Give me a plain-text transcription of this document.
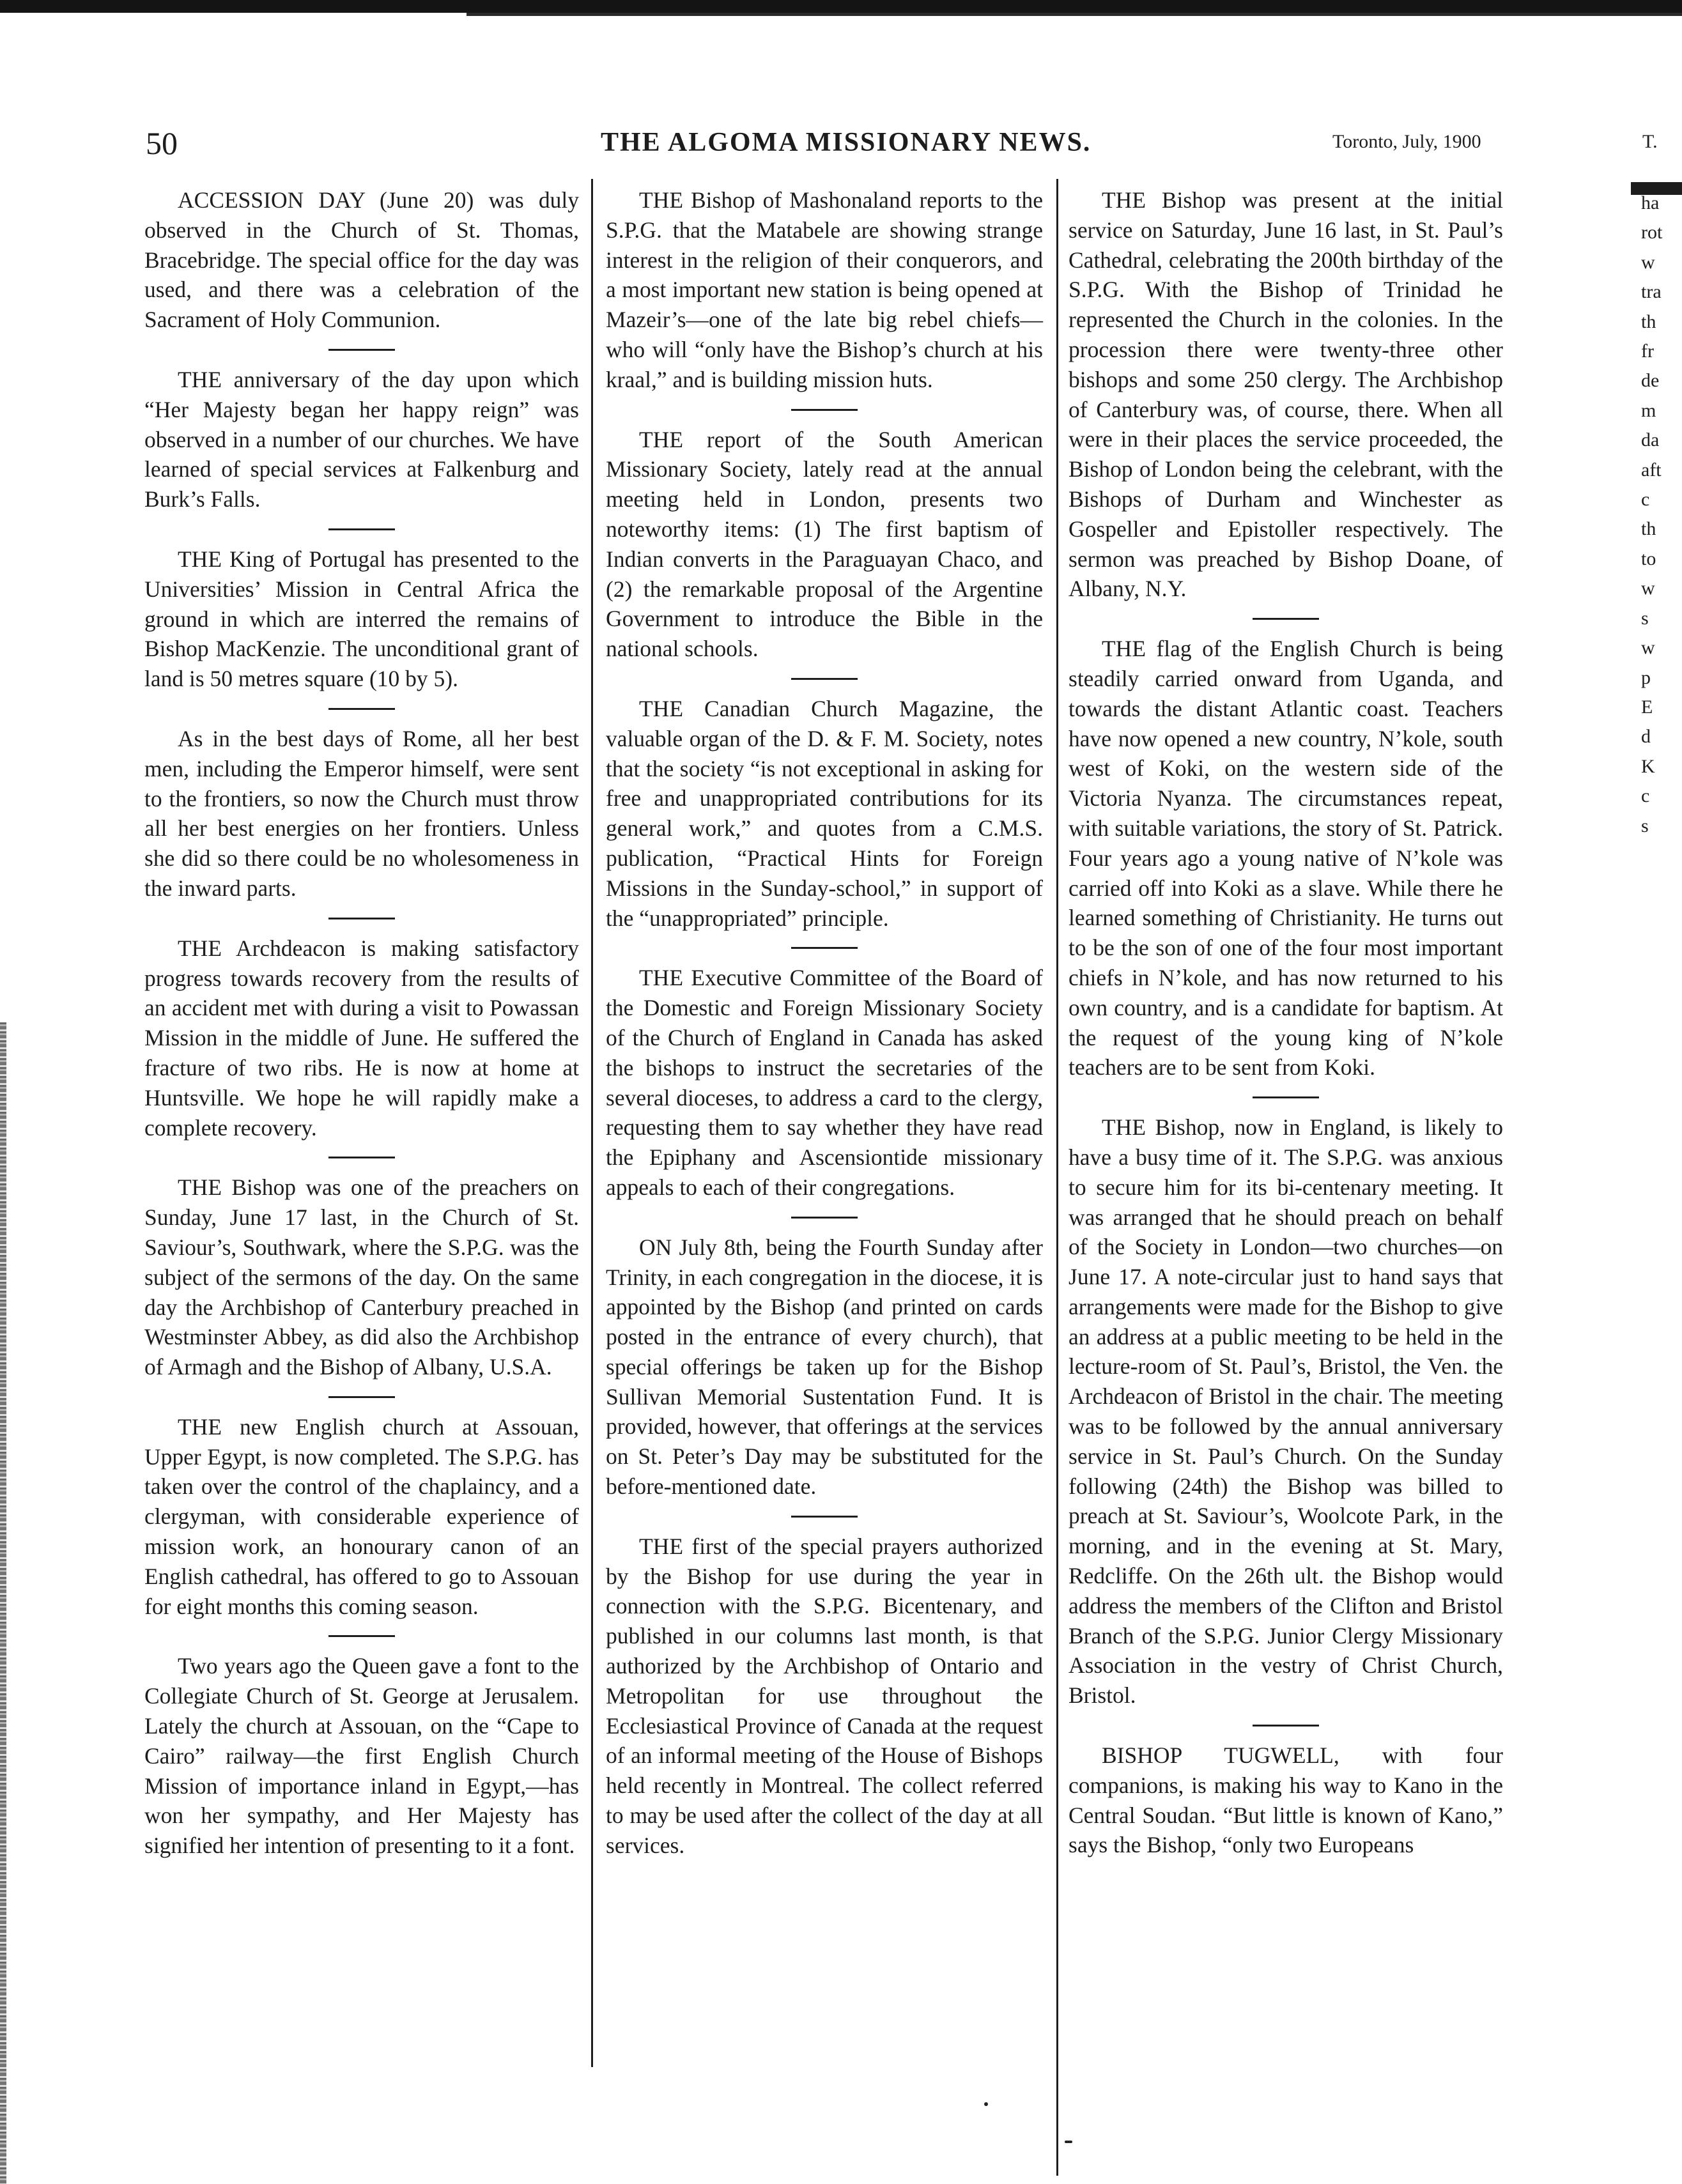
50	THE ALGOMA MISSIONARY NEWS.	Toronto, July, 1900	T.

ACCESSION DAY (June 20) was duly observed in the Church of St. Thomas, Bracebridge. The special office for the day was used, and there was a celebration of the Sacrament of Holy Communion.

THE anniversary of the day upon which “Her Majesty began her happy reign” was observed in a number of our churches. We have learned of special services at Falkenburg and Burk’s Falls.

THE King of Portugal has presented to the Universities’ Mission in Central Africa the ground in which are interred the remains of Bishop MacKenzie. The unconditional grant of land is 50 metres square (10 by 5).

As in the best days of Rome, all her best men, including the Emperor himself, were sent to the frontiers, so now the Church must throw all her best energies on her frontiers. Unless she did so there could be no wholesomeness in the inward parts.

THE Archdeacon is making satisfactory progress towards recovery from the results of an accident met with during a visit to Powassan Mission in the middle of June. He suffered the fracture of two ribs. He is now at home at Huntsville. We hope he will rapidly make a complete recovery.

THE Bishop was one of the preachers on Sunday, June 17 last, in the Church of St. Saviour’s, Southwark, where the S.P.G. was the subject of the sermons of the day. On the same day the Archbishop of Canterbury preached in Westminster Abbey, as did also the Archbishop of Armagh and the Bishop of Albany, U.S.A.

THE new English church at Assouan, Upper Egypt, is now completed. The S.P.G. has taken over the control of the chaplaincy, and a clergyman, with considerable experience of mission work, an honourary canon of an English cathedral, has offered to go to Assouan for eight months this coming season.

Two years ago the Queen gave a font to the Collegiate Church of St. George at Jerusalem. Lately the church at Assouan, on the “Cape to Cairo” railway—the first English Church Mission of importance inland in Egypt,—has won her sympathy, and Her Majesty has signified her intention of presenting to it a font.

THE Bishop of Mashonaland reports to the S.P.G. that the Matabele are showing strange interest in the religion of their conquerors, and a most important new station is being opened at Mazeir’s—one of the late big rebel chiefs—who will “only have the Bishop’s church at his kraal,” and is building mission huts.

THE report of the South American Missionary Society, lately read at the annual meeting held in London, presents two noteworthy items: (1) The first baptism of Indian converts in the Paraguayan Chaco, and (2) the remarkable proposal of the Argentine Government to introduce the Bible in the national schools.

THE Canadian Church Magazine, the valuable organ of the D. & F. M. Society, notes that the society “is not exceptional in asking for free and unappropriated contributions for its general work,” and quotes from a C.M.S. publication, “Practical Hints for Foreign Missions in the Sunday-school,” in support of the “unappropriated” principle.

THE Executive Committee of the Board of the Domestic and Foreign Missionary Society of the Church of England in Canada has asked the bishops to instruct the secretaries of the several dioceses, to address a card to the clergy, requesting them to say whether they have read the Epiphany and Ascensiontide missionary appeals to each of their congregations.

ON July 8th, being the Fourth Sunday after Trinity, in each congregation in the diocese, it is appointed by the Bishop (and printed on cards posted in the entrance of every church), that special offerings be taken up for the Bishop Sullivan Memorial Sustentation Fund. It is provided, however, that offerings at the services on St. Peter’s Day may be substituted for the before-mentioned date.

THE first of the special prayers authorized by the Bishop for use during the year in connection with the S.P.G. Bicentenary, and published in our columns last month, is that authorized by the Archbishop of Ontario and Metropolitan for use throughout the Ecclesiastical Province of Canada at the request of an informal meeting of the House of Bishops held recently in Montreal. The collect referred to may be used after the collect of the day at all services.

THE Bishop was present at the initial service on Saturday, June 16 last, in St. Paul’s Cathedral, celebrating the 200th birthday of the S.P.G. With the Bishop of Trinidad he represented the Church in the colonies. In the procession there were twenty-three other bishops and some 250 clergy. The Archbishop of Canterbury was, of course, there. When all were in their places the service proceeded, the Bishop of London being the celebrant, with the Bishops of Durham and Winchester as Gospeller and Epistoller respectively. The sermon was preached by Bishop Doane, of Albany, N.Y.

THE flag of the English Church is being steadily carried onward from Uganda, and towards the distant Atlantic coast. Teachers have now opened a new country, N’kole, south west of Koki, on the western side of the Victoria Nyanza. The circumstances repeat, with suitable variations, the story of St. Patrick. Four years ago a young native of N’kole was carried off into Koki as a slave. While there he learned something of Christianity. He turns out to be the son of one of the four most important chiefs in N’kole, and has now returned to his own country, and is a candidate for baptism. At the request of the young king of N’kole teachers are to be sent from Koki.

THE Bishop, now in England, is likely to have a busy time of it. The S.P.G. was anxious to secure him for its bi-centenary meeting. It was arranged that he should preach on behalf of the Society in London—two churches—on June 17. A note-circular just to hand says that arrangements were made for the Bishop to give an address at a public meeting to be held in the lecture-room of St. Paul’s, Bristol, the Ven. the Archdeacon of Bristol in the chair. The meeting was to be followed by the annual anniversary service in St. Paul’s Church. On the Sunday following (24th) the Bishop was billed to preach at St. Saviour’s, Woolcote Park, in the morning, and in the evening at St. Mary, Redcliffe. On the 26th ult. the Bishop would address the members of the Clifton and Bristol Branch of the S.P.G. Junior Clergy Missionary Association in the vestry of Christ Church, Bristol.

BISHOP TUGWELL, with four companions, is making his way to Kano in the Central Soudan. “But little is known of Kano,” says the Bishop, “only two Europeans

ha
rot
w
tra
th
fr
de
m
da
aft
c
th
to
w
s
w
p
E
d
K
c
s
